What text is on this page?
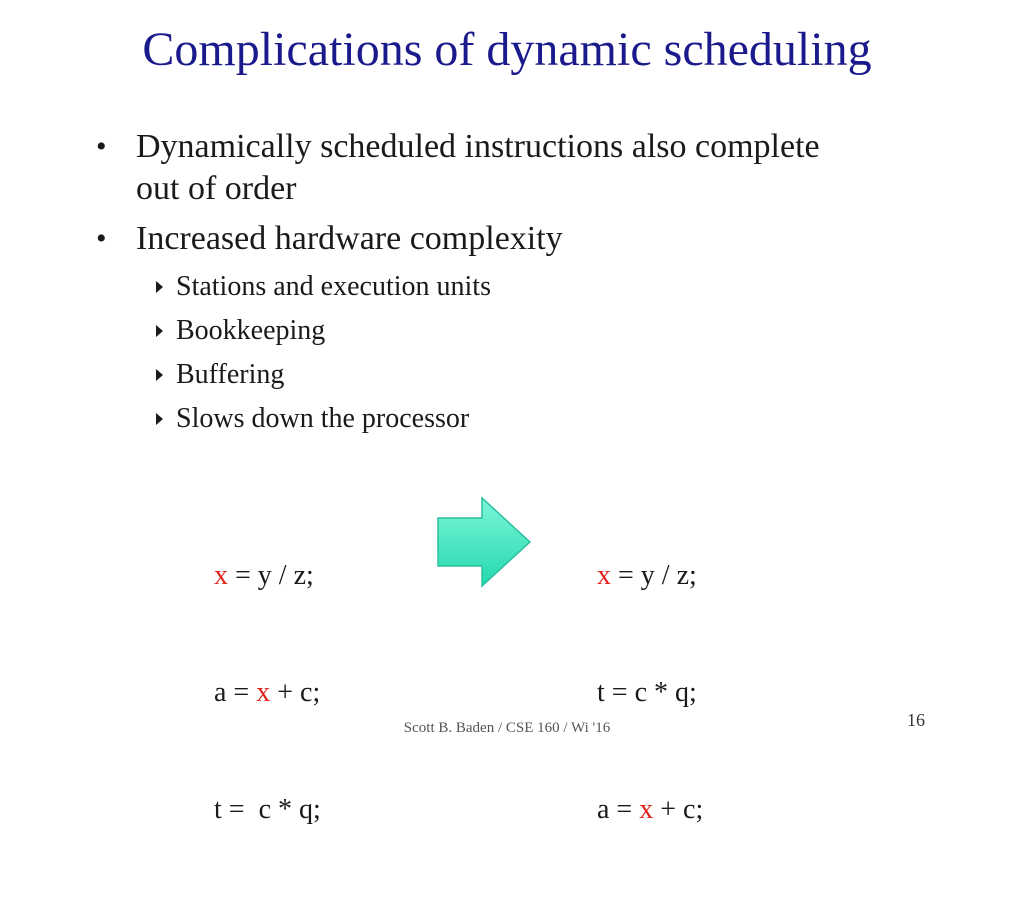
Complications of dynamic scheduling
• Dynamically scheduled instructions also complete
out of order
• Increased hardware complexity
Stations and execution units
Bookkeeping
Buffering
Slows down the processor

x = y / z;

a = x + c;

t =  c * q;

x = y / z;

t = c * q;

a = x + c;

Scott B. Baden / CSE 160 / Wi '16	16
